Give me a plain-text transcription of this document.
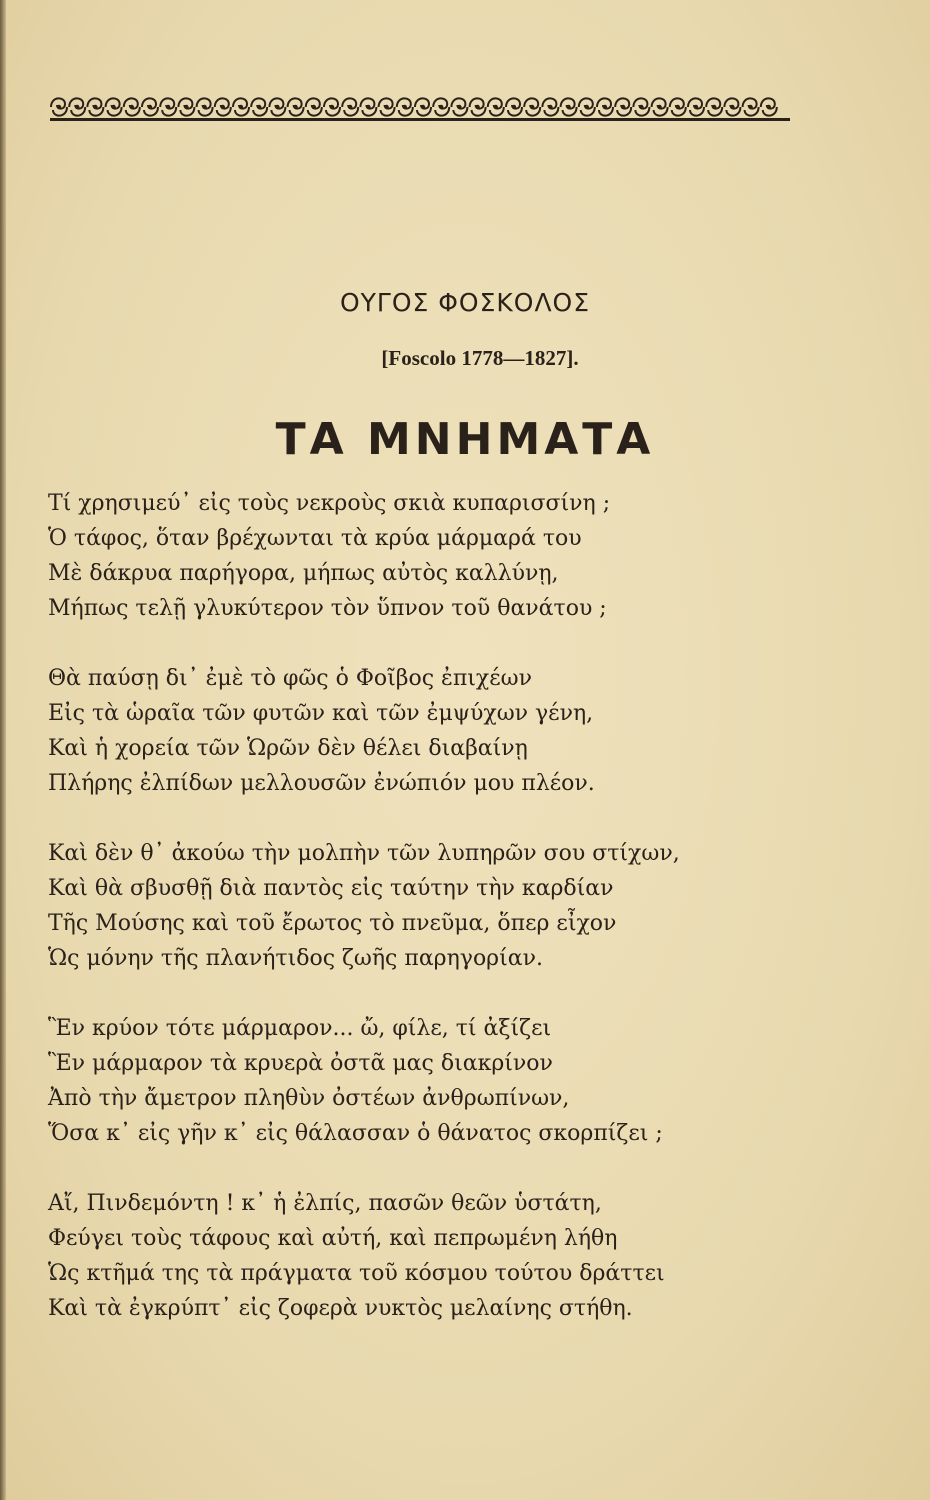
ΟΥΓΟΣ ΦΟΣΚΟΛΟΣ
[Foscolo 1778—1827].
ΤΑ ΜΝΗΜΑΤΑ
Τί χρησιμεύ᾽ εἰς τοὺς νεκροὺς σκιὰ κυπαρισσίνη ;
Ὁ τάφος, ὅταν βρέχωνται τὰ κρύα μάρμαρά του
Μὲ δάκρυα παρήγορα, μήπως αὐτὸς καλλύνῃ,
Μήπως τελῇ γλυκύτερον τὸν ὕπνον τοῦ θανάτου ;
Θὰ παύσῃ δι᾽ ἐμὲ τὸ φῶς ὁ Φοῖβος ἐπιχέων
Εἰς τὰ ὡραῖα τῶν φυτῶν καὶ τῶν ἐμψύχων γένη,
Καὶ ἡ χορεία τῶν Ὡρῶν δὲν θέλει διαβαίνῃ
Πλήρης ἐλπίδων μελλουσῶν ἐνώπιόν μου πλέον.
Καὶ δὲν θ᾽ ἀκούω τὴν μολπὴν τῶν λυπηρῶν σου στίχων,
Καὶ θὰ σβυσθῇ διὰ παντὸς εἰς ταύτην τὴν καρδίαν
Τῆς Μούσης καὶ τοῦ ἔρωτος τὸ πνεῦμα, ὅπερ εἶχον
Ὡς μόνην τῆς πλανήτιδος ζωῆς παρηγορίαν.
Ἓν κρύον τότε μάρμαρον... ὤ, φίλε, τί ἀξίζει
Ἓν μάρμαρον τὰ κρυερὰ ὀστᾶ μας διακρίνον
Ἀπὸ τὴν ἄμετρον πληθὺν ὀστέων ἀνθρωπίνων,
Ὅσα κ᾽ εἰς γῆν κ᾽ εἰς θάλασσαν ὁ θάνατος σκορπίζει ;
Αἴ, Πινδεμόντη ! κ᾽ ἡ ἐλπίς, πασῶν θεῶν ὑστάτη,
Φεύγει τοὺς τάφους καὶ αὐτή, καὶ πεπρωμένη λήθη
Ὡς κτῆμά της τὰ πράγματα τοῦ κόσμου τούτου δράττει
Καὶ τὰ ἐγκρύπτ᾽ εἰς ζοφερὰ νυκτὸς μελαίνης στήθη.
